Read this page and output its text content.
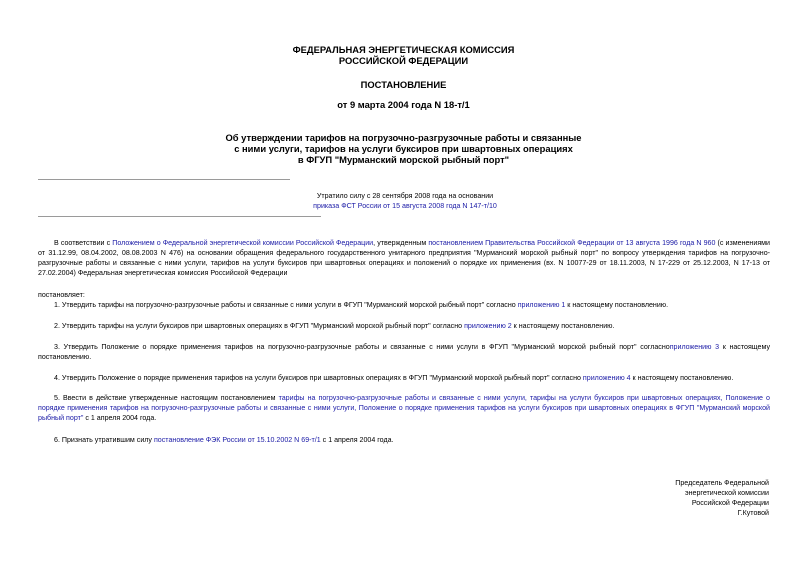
ФЕДЕРАЛЬНАЯ ЭНЕРГЕТИЧЕСКАЯ КОМИССИЯ
РОССИЙСКОЙ ФЕДЕРАЦИИ
ПОСТАНОВЛЕНИЕ
от 9 марта 2004 года N 18-т/1
Об утверждении тарифов на погрузочно-разгрузочные работы и связанные
с ними услуги, тарифов на услуги буксиров при швартовных операциях
в ФГУП "Мурманский морской рыбный порт"
Утратило силу с 28 сентября 2008 года на основании
приказа ФСТ России от 15 августа 2008 года N 147-т/10
В соответствии с Положением о Федеральной энергетической комиссии Российской Федерации, утвержденным постановлением Правительства Российской Федерации от 13 августа 1996 года N 960 (с изменениями от 31.12.99, 08.04.2002, 08.08.2003 N 476) на основании обращения федерального государственного унитарного предприятия "Мурманский морской рыбный порт" по вопросу утверждения тарифов на погрузочно-разгрузочные работы и связанные с ними услуги, тарифов на услуги буксиров при швартовных операциях и положений о порядке их применения (вх. N 10077-29 от 18.11.2003, N 17-229 от 25.12.2003, N 17-13 от 27.02.2004) Федеральная энергетическая комиссия Российской Федерации
постановляет:
1. Утвердить тарифы на погрузочно-разгрузочные работы и связанные с ними услуги в ФГУП "Мурманский морской рыбный порт" согласно приложению 1 к настоящему постановлению.
2. Утвердить тарифы на услуги буксиров при швартовных операциях в ФГУП "Мурманский морской рыбный порт" согласно приложению 2 к настоящему постановлению.
3. Утвердить Положение о порядке применения тарифов на погрузочно-разгрузочные работы и связанные с ними услуги в ФГУП "Мурманский морской рыбный порт" согласноприложению 3 к настоящему постановлению.
4. Утвердить Положение о порядке применения тарифов на услуги буксиров при швартовных операциях в ФГУП "Мурманский морской рыбный порт" согласно приложению 4 к настоящему постановлению.
5. Ввести в действие утвержденные настоящим постановлением тарифы на погрузочно-разгрузочные работы и связанные с ними услуги, тарифы на услуги буксиров при швартовных операциях, Положение о порядке применения тарифов на погрузочно-разгрузочные работы и связанные с ними услуги, Положение о порядке применения тарифов на услуги буксиров при швартовных операциях в ФГУП "Мурманский морской рыбный порт" с 1 апреля 2004 года.
6. Признать утратившим силу постановление ФЭК России от 15.10.2002 N 69-т/1 с 1 апреля 2004 года.
Председатель Федеральной
энергетической комиссии
Российской Федерации
Г.Кутовой
